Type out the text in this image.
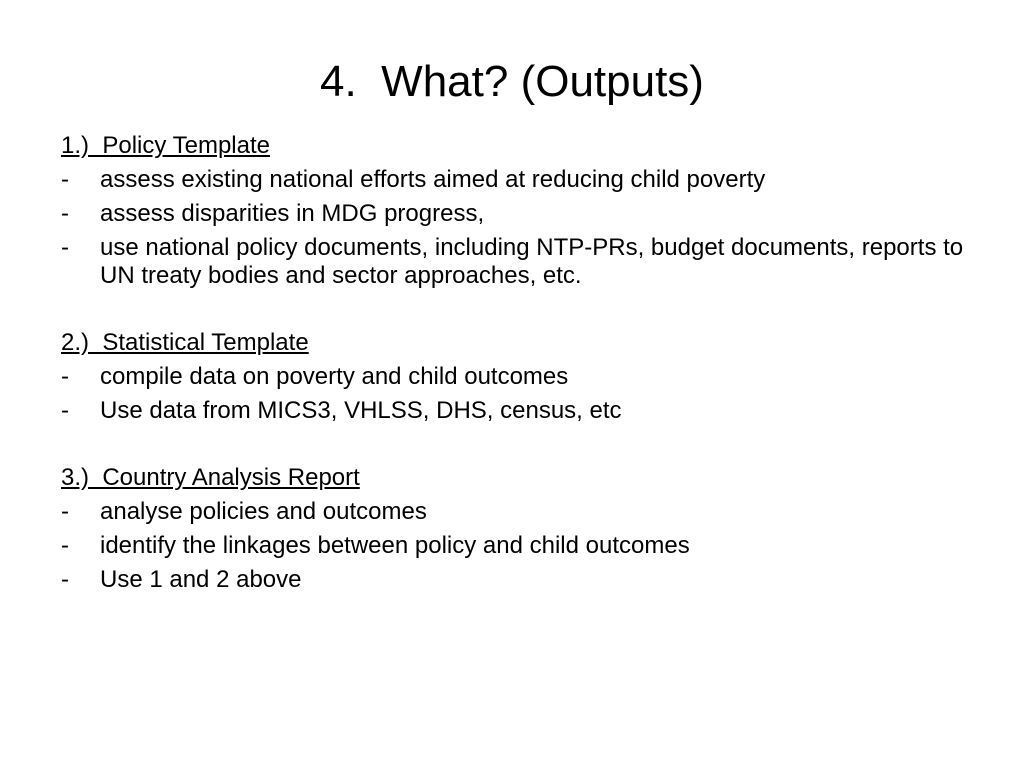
4.  What? (Outputs)
1.)  Policy Template
-	assess existing national efforts aimed at reducing child poverty
-	assess disparities in MDG progress,
-	use national policy documents, including NTP-PRs, budget documents, reports to UN treaty bodies and sector approaches, etc.
2.)  Statistical Template
-	compile data on poverty and child outcomes
-	Use data from MICS3, VHLSS, DHS, census, etc
3.)  Country Analysis Report
-	analyse policies and outcomes
-	identify the linkages between policy and child outcomes
-	Use 1 and 2 above
